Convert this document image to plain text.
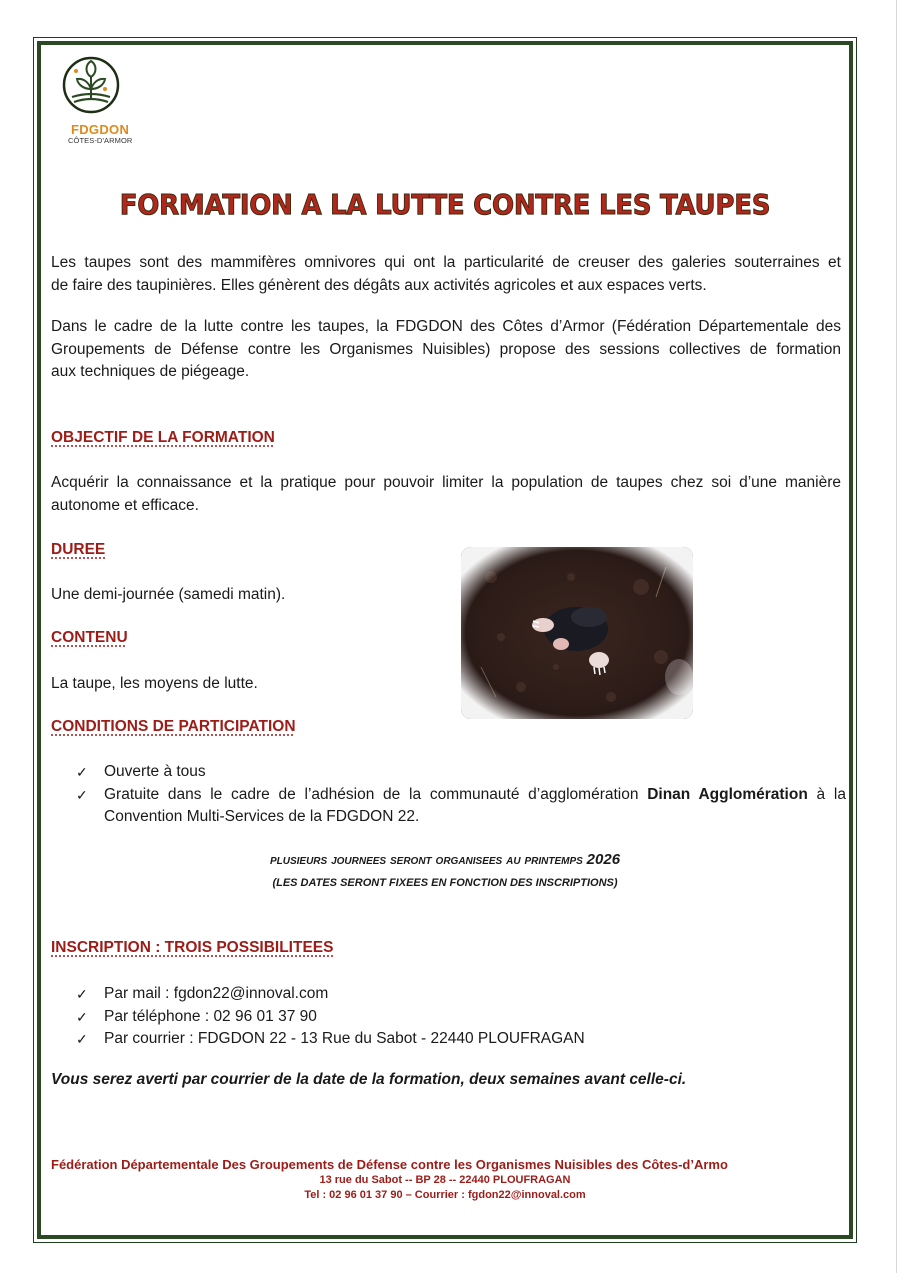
FDGDON
CÔTES-D'ARMOR
FORMATION A LA LUTTE CONTRE LES TAUPES
Les taupes sont des mammifères omnivores qui ont la particularité de creuser des galeries souterraines et
de faire des taupinières. Elles génèrent des dégâts aux activités agricoles et aux espaces verts.
Dans le cadre de la lutte contre les taupes, la FDGDON des Côtes d’Armor (Fédération Départementale des
Groupements de Défense contre les Organismes Nuisibles) propose des sessions collectives de formation
aux techniques de piégeage.
OBJECTIF DE LA FORMATION
Acquérir la connaissance et la pratique pour pouvoir limiter la population de taupes chez soi d’une manière
autonome et efficace.
DUREE
Une demi-journée (samedi matin).
CONTENU
La taupe, les moyens de lutte.
CONDITIONS DE PARTICIPATION
✓ Ouverte à tous
✓ Gratuite dans le cadre de l’adhésion de la communauté d’agglomération Dinan Agglomération à la Convention Multi-Services de la FDGDON 22.
plusieurs journees seront organisees au printemps 2026
(LES DATES SERONT FIXEES EN FONCTION DES INSCRIPTIONS)
INSCRIPTION : TROIS POSSIBILITEES
✓ Par mail : fgdon22@innoval.com
✓ Par téléphone : 02 96 01 37 90
✓ Par courrier : FDGDON 22 - 13 Rue du Sabot - 22440 PLOUFRAGAN
Vous serez averti par courrier de la date de la formation, deux semaines avant celle-ci.
Fédération Départementale Des Groupements de Défense contre les Organismes Nuisibles des Côtes-d’Armo
13 rue du Sabot -- BP 28 -- 22440 PLOUFRAGAN
Tel : 02 96 01 37 90 – Courrier : fgdon22@innoval.com
